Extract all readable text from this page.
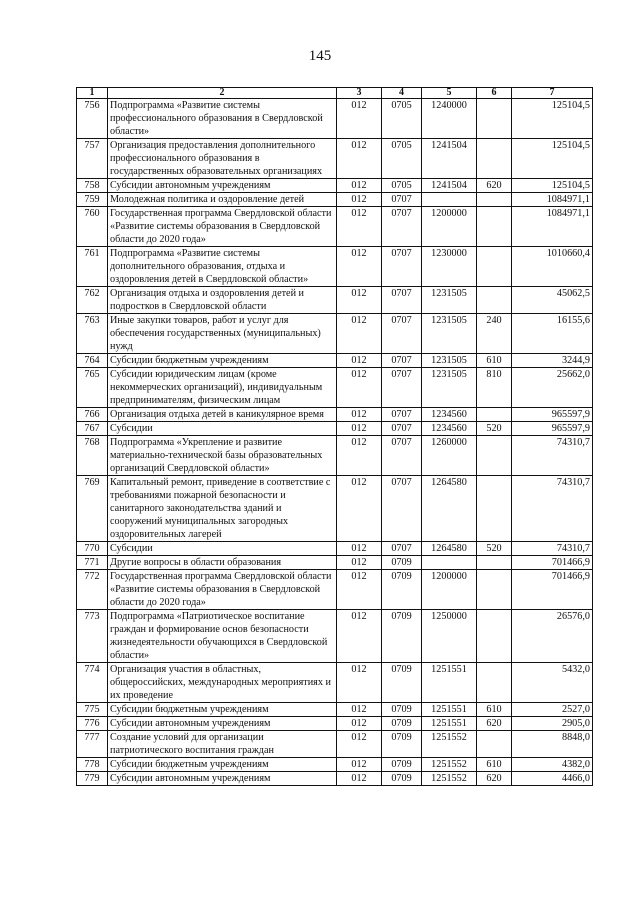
145
1	2	3	4	5	6	7
756	Подпрограмма «Развитие системы профессионального образования в Свердловской области»	012	0705	1240000		125104,5
757	Организация предоставления дополнительного профессионального образования в государственных образовательных организациях	012	0705	1241504		125104,5
758	Субсидии автономным учреждениям	012	0705	1241504	620	125104,5
759	Молодежная политика и оздоровление детей	012	0707			1084971,1
760	Государственная программа Свердловской области «Развитие системы образования в Свердловской области до 2020 года»	012	0707	1200000		1084971,1
761	Подпрограмма «Развитие системы дополнительного образования, отдыха и оздоровления детей в Свердловской области»	012	0707	1230000		1010660,4
762	Организация отдыха и оздоровления детей и подростков в Свердловской области	012	0707	1231505		45062,5
763	Иные закупки товаров, работ и услуг для обеспечения государственных (муниципальных) нужд	012	0707	1231505	240	16155,6
764	Субсидии бюджетным учреждениям	012	0707	1231505	610	3244,9
765	Субсидии юридическим лицам (кроме некоммерческих организаций), индивидуальным предпринимателям, физическим лицам	012	0707	1231505	810	25662,0
766	Организация отдыха детей в каникулярное время	012	0707	1234560		965597,9
767	Субсидии	012	0707	1234560	520	965597,9
768	Подпрограмма «Укрепление и развитие материально-технической базы образовательных организаций Свердловской области»	012	0707	1260000		74310,7
769	Капитальный ремонт, приведение в соответствие с требованиями пожарной безопасности и санитарного законодательства зданий и сооружений муниципальных загородных оздоровительных лагерей	012	0707	1264580		74310,7
770	Субсидии	012	0707	1264580	520	74310,7
771	Другие вопросы в области образования	012	0709			701466,9
772	Государственная программа Свердловской области «Развитие системы образования в Свердловской области до 2020 года»	012	0709	1200000		701466,9
773	Подпрограмма «Патриотическое воспитание граждан и формирование основ безопасности жизнедеятельности обучающихся в Свердловской области»	012	0709	1250000		26576,0
774	Организация участия в областных, общероссийских, международных мероприятиях и их проведение	012	0709	1251551		5432,0
775	Субсидии бюджетным учреждениям	012	0709	1251551	610	2527,0
776	Субсидии автономным учреждениям	012	0709	1251551	620	2905,0
777	Создание условий для организации патриотического воспитания граждан	012	0709	1251552		8848,0
778	Субсидии бюджетным учреждениям	012	0709	1251552	610	4382,0
779	Субсидии автономным учреждениям	012	0709	1251552	620	4466,0
